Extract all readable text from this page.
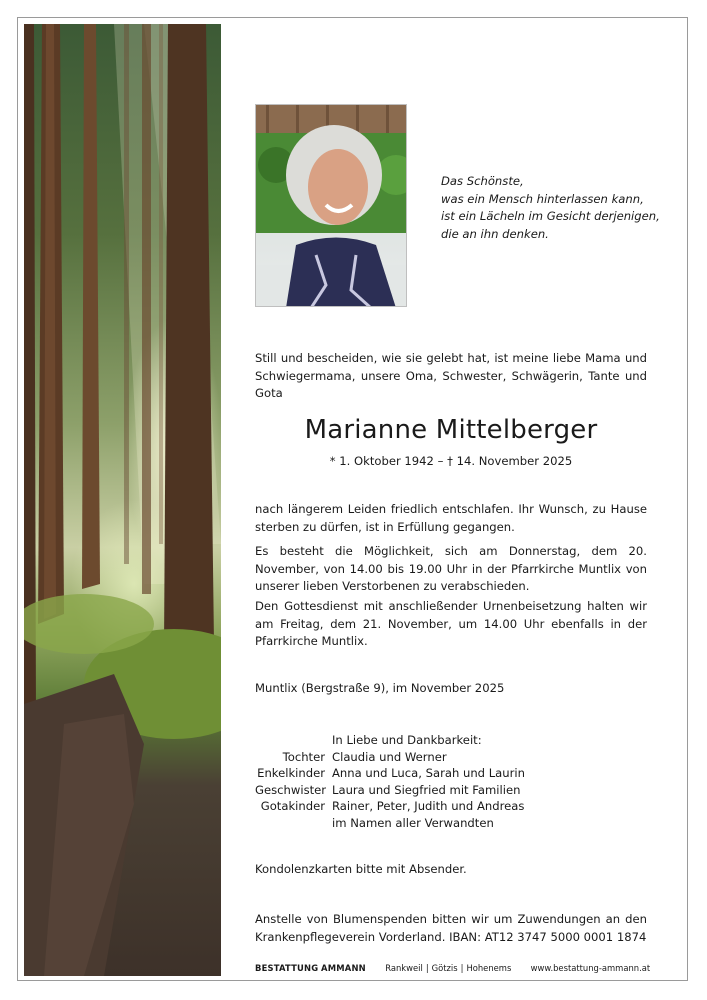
Das Schönste,
was ein Mensch hinterlassen kann,
ist ein Lächeln im Gesicht derjenigen,
die an ihn denken.
Still und bescheiden, wie sie gelebt hat, ist meine liebe Mama und Schwiegermama, unsere Oma, Schwester, Schwägerin, Tante und Gota
Marianne Mittelberger
* 1. Oktober 1942 – † 14. November 2025
nach längerem Leiden friedlich entschlafen. Ihr Wunsch, zu Hause sterben zu dürfen, ist in Erfüllung gegangen.
Es besteht die Möglichkeit, sich am Donnerstag, dem 20. November, von 14.00 bis 19.00 Uhr in der Pfarrkirche Muntlix von unserer lieben Verstorbenen zu verabschieden.
Den Gottesdienst mit anschließender Urnenbeisetzung halten wir am Freitag, dem 21. November, um 14.00 Uhr ebenfalls in der Pfarrkirche Muntlix.
Muntlix (Bergstraße 9), im November 2025
In Liebe und Dankbarkeit:
Tochter Claudia und Werner
Enkelkinder Anna und Luca, Sarah und Laurin
Geschwister Laura und Siegfried mit Familien
Gotakinder Rainer, Peter, Judith und Andreas
im Namen aller Verwandten
Kondolenzkarten bitte mit Absender.
Anstelle von Blumenspenden bitten wir um Zuwendungen an den Krankenpflegeverein Vorderland. IBAN: AT12 3747 5000 0001 1874
BESTATTUNG AMMANN Rankweil | Götzis | Hohenems www.bestattung-ammann.at
